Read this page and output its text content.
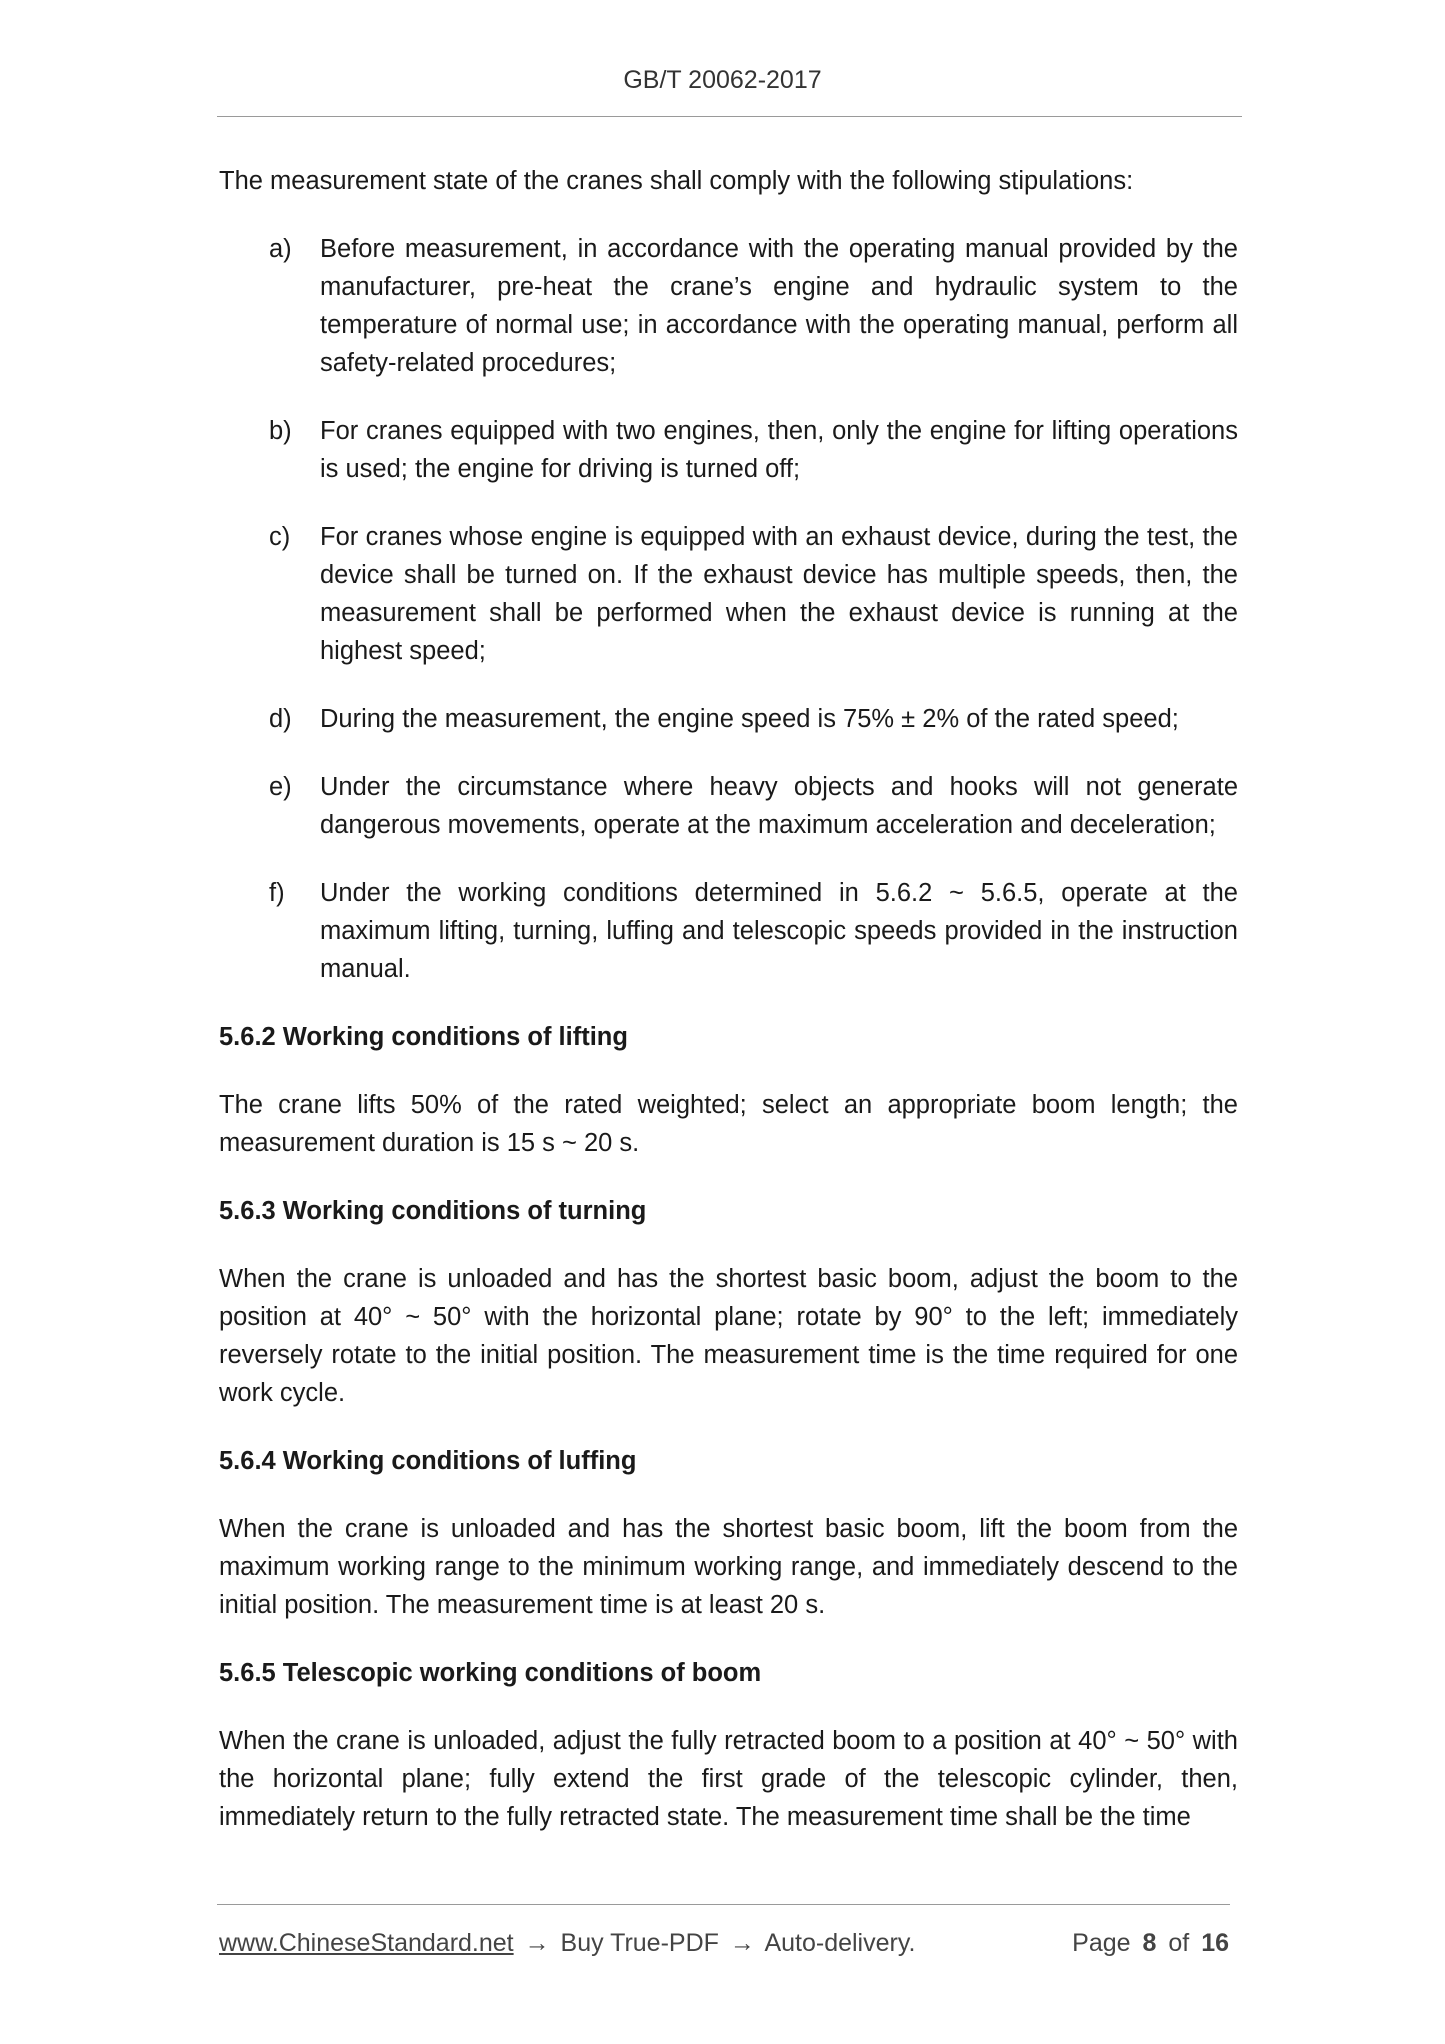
GB/T 20062-2017

The measurement state of the cranes shall comply with the following stipulations:

a)	Before measurement, in accordance with the operating manual provided by the manufacturer, pre-heat the crane’s engine and hydraulic system to the temperature of normal use; in accordance with the operating manual, perform all safety-related procedures;
b)	For cranes equipped with two engines, then, only the engine for lifting operations is used; the engine for driving is turned off;
c)	For cranes whose engine is equipped with an exhaust device, during the test, the device shall be turned on. If the exhaust device has multiple speeds, then, the measurement shall be performed when the exhaust device is running at the highest speed;
d)	During the measurement, the engine speed is 75% ± 2% of the rated speed;
e)	Under the circumstance where heavy objects and hooks will not generate dangerous movements, operate at the maximum acceleration and deceleration;
f)	Under the working conditions determined in 5.6.2 ~ 5.6.5, operate at the maximum lifting, turning, luffing and telescopic speeds provided in the instruction manual.

5.6.2 Working conditions of lifting

The crane lifts 50% of the rated weighted; select an appropriate boom length; the measurement duration is 15 s ~ 20 s.

5.6.3 Working conditions of turning

When the crane is unloaded and has the shortest basic boom, adjust the boom to the position at 40° ~ 50° with the horizontal plane; rotate by 90° to the left; immediately reversely rotate to the initial position. The measurement time is the time required for one work cycle.

5.6.4 Working conditions of luffing

When the crane is unloaded and has the shortest basic boom, lift the boom from the maximum working range to the minimum working range, and immediately descend to the initial position. The measurement time is at least 20 s.

5.6.5 Telescopic working conditions of boom

When the crane is unloaded, adjust the fully retracted boom to a position at 40° ~ 50° with the horizontal plane; fully extend the first grade of the telescopic cylinder, then, immediately return to the fully retracted state. The measurement time shall be the time

www.ChineseStandard.net → Buy True-PDF → Auto-delivery.	Page 8 of 16
